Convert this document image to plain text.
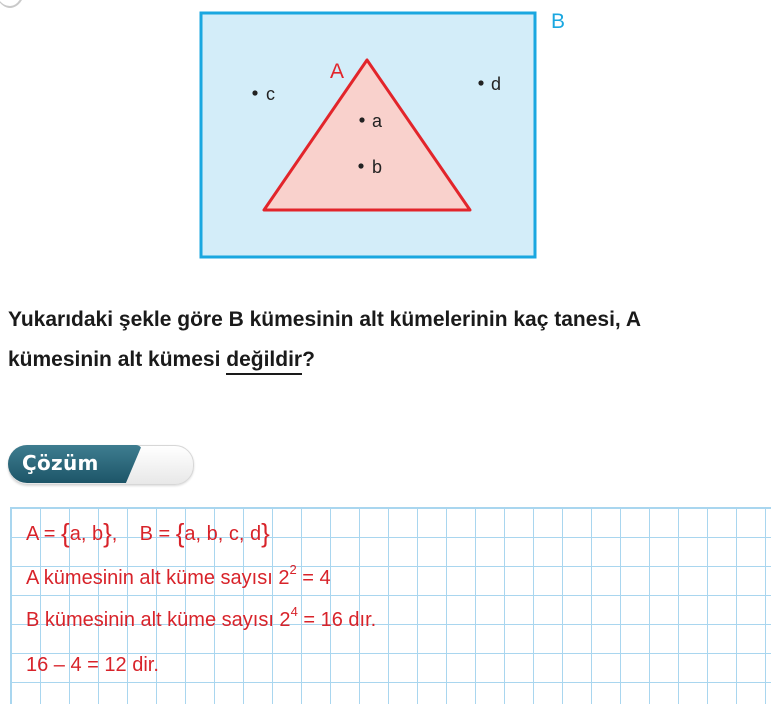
B
A
c	d
a
b
Yukarıdaki şekle göre B kümesinin alt kümelerinin kaç tanesi, A
kümesinin alt kümesi değildir?
Çözüm
A = {a, b}, B = {a, b, c, d}
A kümesinin alt küme sayısı $2^2 = 4$
B kümesinin alt küme sayısı $2^4 = 16$ dır.
16 – 4 = 12 dir.
